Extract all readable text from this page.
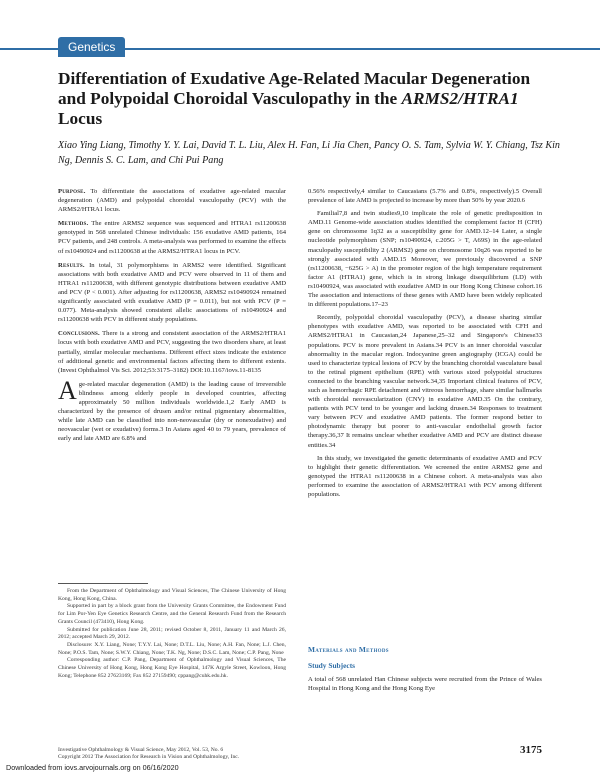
Genetics
Differentiation of Exudative Age-Related Macular Degeneration and Polypoidal Choroidal Vasculopathy in the ARMS2/HTRA1 Locus
Xiao Ying Liang, Timothy Y. Y. Lai, David T. L. Liu, Alex H. Fan, Li Jia Chen, Pancy O. S. Tam, Sylvia W. Y. Chiang, Tsz Kin Ng, Dennis S. C. Lam, and Chi Pui Pang

Purpose. To differentiate the associations of exudative age-related macular degeneration (AMD) and polypoidal choroidal vasculopathy (PCV) with the ARMS2/HTRA1 locus.

Methods. The entire ARMS2 sequence was sequenced and HTRA1 rs11200638 genotyped in 568 unrelated Chinese individuals: 156 exudative AMD patients, 164 PCV patients, and 248 controls. A meta-analysis was performed to examine the effects of rs10490924 and rs11200638 at the ARMS2/HTRA1 locus in PCV.

Results. In total, 31 polymorphisms in ARMS2 were identified. Significant associations with both exudative AMD and PCV were observed in 11 of them and HTRA1 rs11200638, with different genotypic distributions between exudative AMD and PCV (P < 0.001). After adjusting for rs11200638, ARMS2 rs10490924 remained significantly associated with exudative AMD (P = 0.011), but not with PCV (P = 0.077). Meta-analysis showed consistent allelic associations of rs10490924 and rs11200638 with PCV in different study populations.

Conclusions. There is a strong and consistent association of the ARMS2/HTRA1 locus with both exudative AMD and PCV, suggesting the two disorders share, at least partially, similar molecular mechanisms. Different effect sizes indicate the existence of additional genetic and environmental factors affecting them to different extents. (Invest Ophthalmol Vis Sci. 2012;53:3175–3182) DOI:10.1167/iovs.11-8135

Age-related macular degeneration (AMD) is the leading cause of irreversible blindness among elderly people in developed countries, affecting approximately 50 million individuals worldwide.1,2 Early AMD is characterized by the presence of drusen and/or retinal pigmentary abnormalities, while late AMD can be classified into non-neovascular (dry or nonexudative) and neovascular (wet or exudative) forms.3 In Asians aged 40 to 79 years, prevalence of early and late AMD are 6.8% and

From the Department of Ophthalmology and Visual Sciences, The Chinese University of Hong Kong, Hong Kong, China.

Supported in part by a block grant from the University Grants Committee, the Endowment Fund for Lim Por-Yen Eye Genetics Research Centre, and the General Research Fund from the Research Grants Council (473410), Hong Kong.

Submitted for publication June 28, 2011; revised October 8, 2011, January 11 and March 26, 2012; accepted March 29, 2012.

Disclosure: X.Y. Liang, None; T.Y.Y. Lai, None; D.T.L. Liu, None; A.H. Fan, None; L.J. Chen, None; P.O.S. Tam, None; S.W.Y. Chiang, None; T.K. Ng, None; D.S.C. Lam, None; C.P. Pang, None

Corresponding author: C.P. Pang, Department of Ophthalmology and Visual Sciences, The Chinese University of Hong Kong, Hong Kong Eye Hospital, 147K Argyle Street, Kowloon, Hong Kong; Telephone 852 27623169; Fax 852 27159490; cppang@cuhk.edu.hk.

0.56% respectively,4 similar to Caucasians (5.7% and 0.8%, respectively).5 Overall prevalence of late AMD is projected to increase by more than 50% by year 2020.6

Familial7,8 and twin studies9,10 implicate the role of genetic predisposition in AMD.11 Genome-wide association studies identified the complement factor H (CFH) gene on chromosome 1q32 as a susceptibility gene for AMD.12–14 Later, a single nucleotide polymorphism (SNP; rs10490924, c.205G > T, A69S) in the age-related maculopathy susceptibility 2 (ARMS2) gene on chromosome 10q26 was reported to be strongly associated with AMD.15 Moreover, we previously discovered a SNP (rs11200638, −625G > A) in the promoter region of the high temperature requirement factor A1 (HTRA1) gene, which is in strong linkage disequilibrium (LD) with rs10490924, was associated with exudative AMD in our Hong Kong Chinese cohort.16 The association and interactions of these genes with AMD have been widely replicated in different populations.17–23

Recently, polypoidal choroidal vasculopathy (PCV), a disease sharing similar phenotypes with exudative AMD, was reported to be associated with CFH and ARMS2/HTRA1 in Caucasian,24 Japanese,25–32 and Singapore's Chinese33 populations. PCV is more prevalent in Asians.34 PCV is an inner choroidal vascular abnormality in the macular region. Indocyanine green angiography (ICGA) could be used to characterize typical lesions of PCV by the branching choroidal vasculature basal to the retinal pigment epithelium (RPE) with various sized polypoidal structures connected to the branching vascular network.34,35 Important clinical features of PCV, such as hemorrhagic RPE detachment and vitreous hemorrhage, share similar hallmarks with choroidal neovascularization (CNV) in exudative AMD.35 On the contrary, patients with PCV tend to be younger and lacking drusen.34 Responses to treatment vary between PCV and exudative AMD patients. The former respond better to photodynamic therapy but poorer to anti-vascular endothelial growth factor therapy.36,37 It remains unclear whether exudative AMD and PCV are distinct disease entities.34

In this study, we investigated the genetic determinants of exudative AMD and PCV to highlight their genetic differentiation. We screened the entire ARMS2 gene and genotyped the HTRA1 rs11200638 in a Chinese cohort. A meta-analysis was also performed to examine the association of ARMS2/HTRA1 with PCV among different populations.

Materials and Methods
Study Subjects
A total of 568 unrelated Han Chinese subjects were recruited from the Prince of Wales Hospital in Hong Kong and the Hong Kong Eye
Investigative Ophthalmology & Visual Science, May 2012, Vol. 53, No. 6
Copyright 2012 The Association for Research in Vision and Ophthalmology, Inc.
3175
Downloaded from iovs.arvojournals.org on 06/16/2020
